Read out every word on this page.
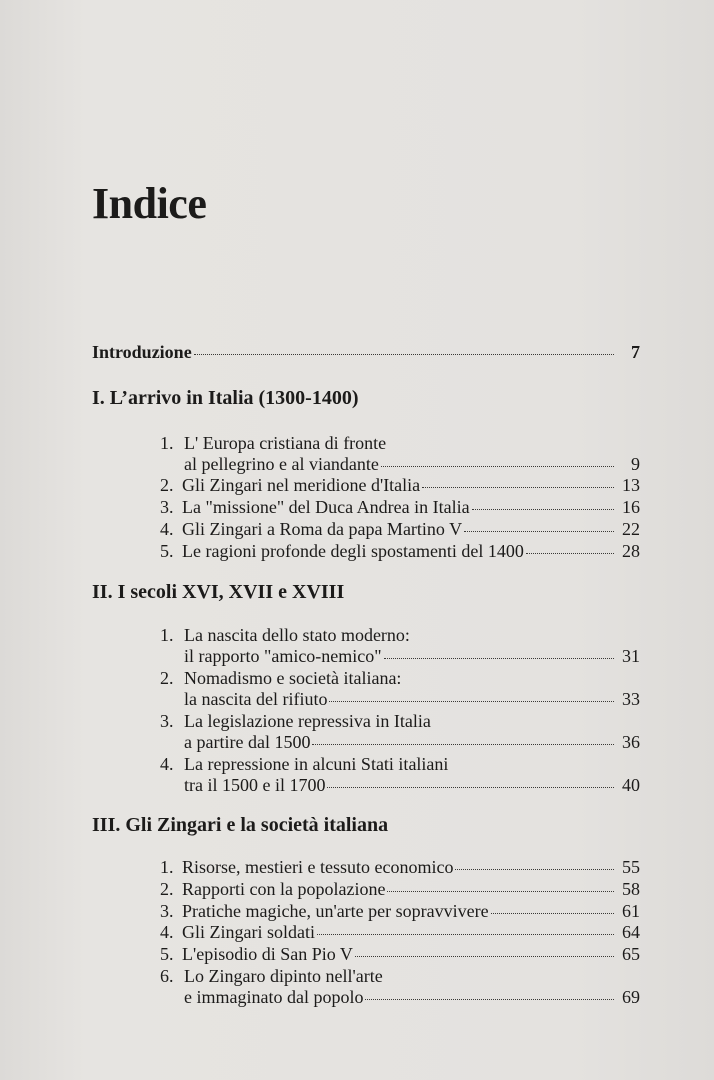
Indice
Introduzione	7
I. L’arrivo in Italia (1300-1400)
1. L' Europa cristiana di fronte
al pellegrino e al viandante	9
2. Gli Zingari nel meridione d'Italia	13
3. La "missione" del Duca Andrea in Italia	16
4. Gli Zingari a Roma da papa Martino V	22
5. Le ragioni profonde degli spostamenti del 1400	28
II. I secoli XVI, XVII e XVIII
1. La nascita dello stato moderno:
il rapporto "amico-nemico"	31
2. Nomadismo e società italiana:
la nascita del rifiuto	33
3. La legislazione repressiva in Italia
a partire dal 1500	36
4. La repressione in alcuni Stati italiani
tra il 1500 e il 1700	40
III. Gli Zingari e la società italiana
1. Risorse, mestieri e tessuto economico	55
2. Rapporti con la popolazione	58
3. Pratiche magiche, un'arte per sopravvivere	61
4. Gli Zingari soldati	64
5. L'episodio di San Pio V	65
6. Lo Zingaro dipinto nell'arte
e immaginato dal popolo	69
